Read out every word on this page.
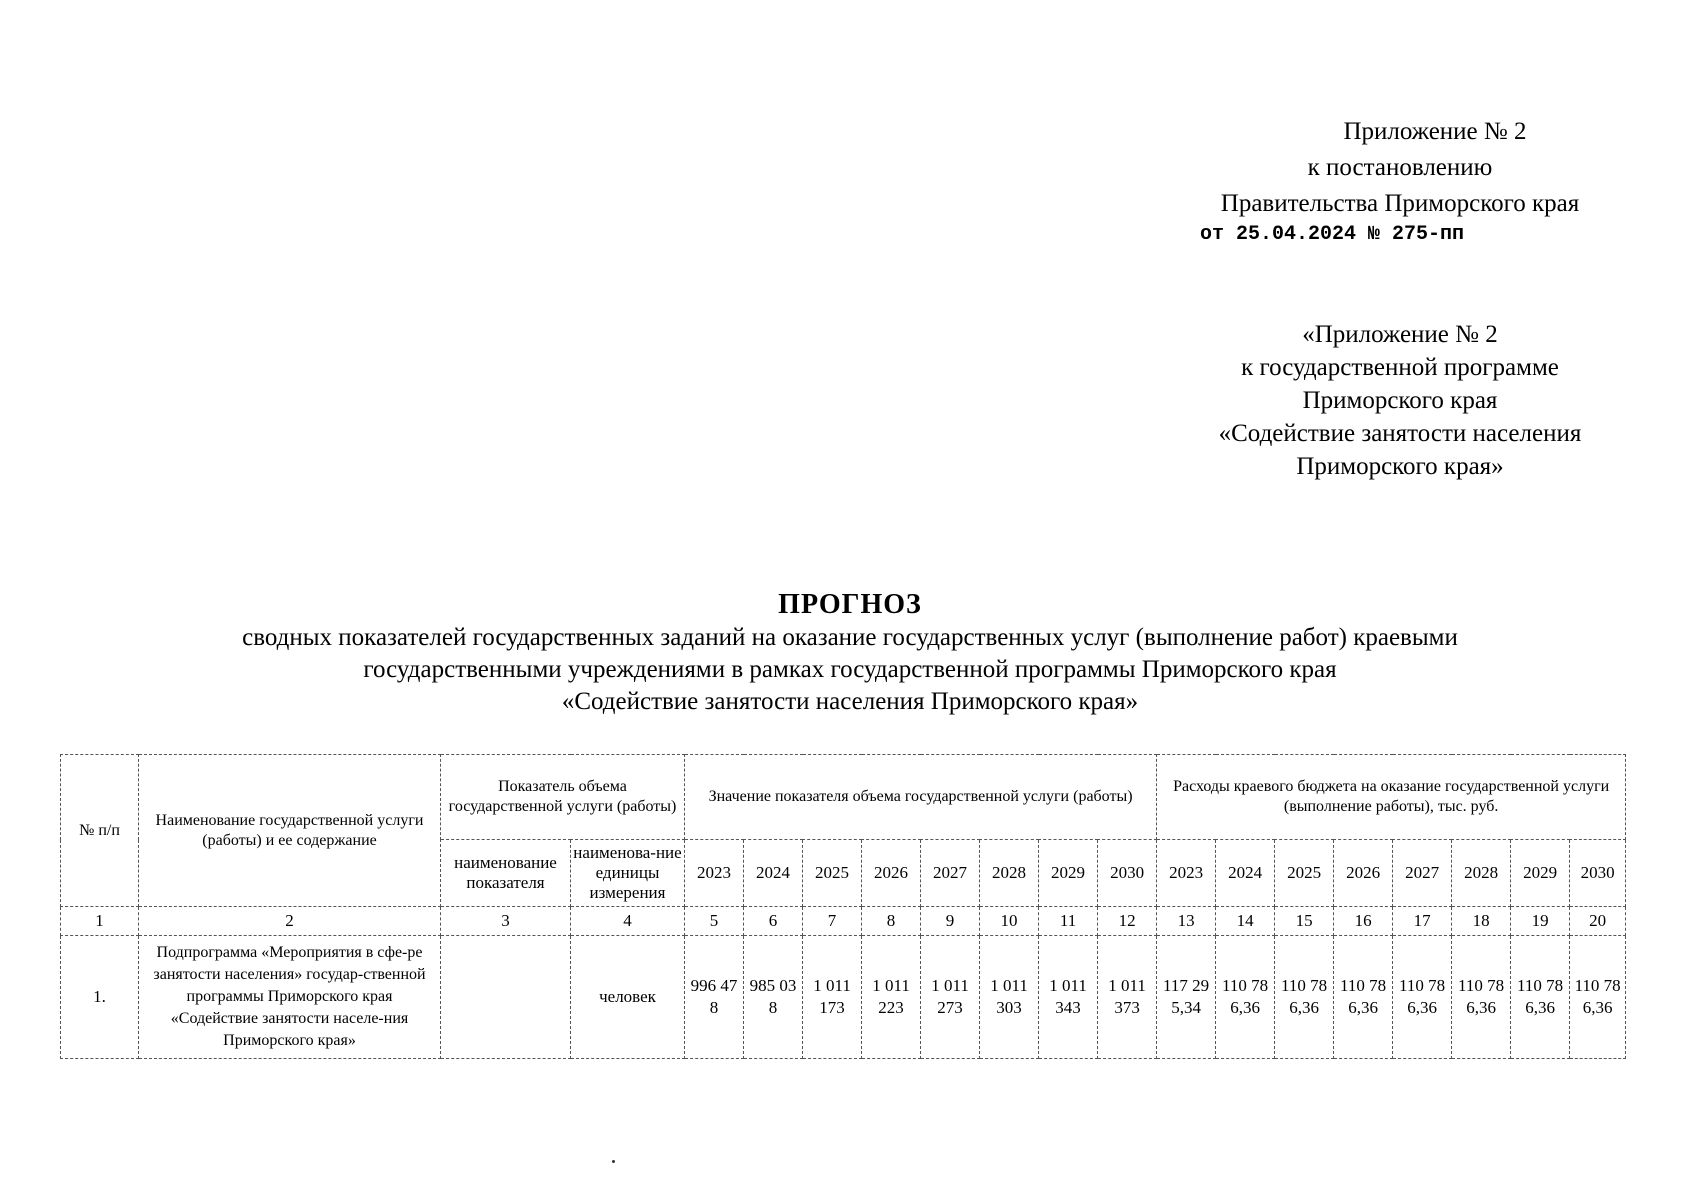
Приложение № 2
к постановлению
Правительства Приморского края
от 25.04.2024 № 275-пп
«Приложение № 2
к государственной программе
Приморского края
«Содействие занятости населения
Приморского края»
ПРОГНОЗ
сводных показателей государственных заданий на оказание государственных услуг (выполнение работ) краевыми
государственными учреждениями в рамках государственной программы Приморского края
«Содействие занятости населения Приморского края»
№ п/п	Наименование государственной услуги (работы) и ее содержание	Показатель объема государственной услуги (работы)		Значение показателя объема государственной услуги (работы)								Расходы краевого бюджета на оказание государственной услуги (выполнение работы), тыс. руб.							
		наименование показателя	наименова-ние единицы измерения	2023	2024	2025	2026	2027	2028	2029	2030	2023	2024	2025	2026	2027	2028	2029	2030
1	2	3	4	5	6	7	8	9	10	11	12	13	14	15	16	17	18	19	20
1.	Подпрограмма «Мероприятия в сфе-ре занятости населения» государ-ственной программы Приморского края «Содействие занятости населе-ния Приморского края»		человек	996 47 8	985 03 8	1 011 173	1 011 223	1 011 273	1 011 303	1 011 343	1 011 373	117 29 5,34	110 78 6,36	110 78 6,36	110 78 6,36	110 78 6,36	110 78 6,36	110 78 6,36	110 78 6,36
